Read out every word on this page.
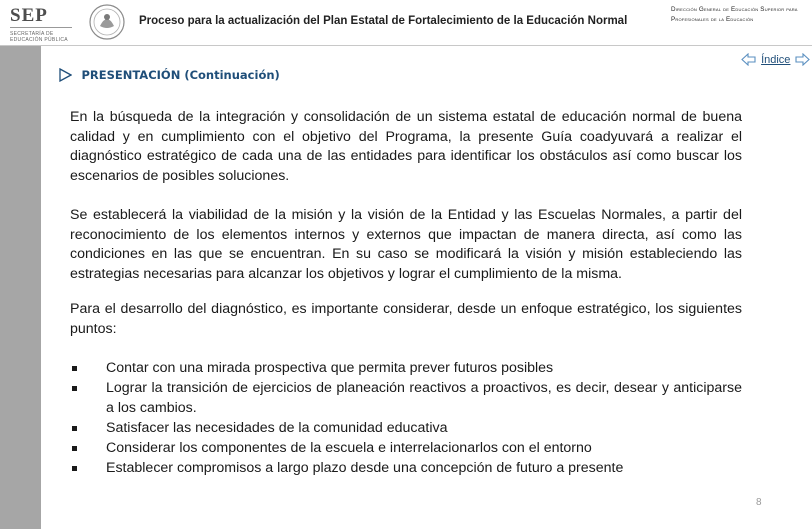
SEP
SECRETARÍA DE
EDUCACIÓN PÚBLICA
Proceso para la actualización del Plan Estatal de Fortalecimiento de la Educación Normal
Dirección General de Educación Superior para Profesionales de la Educación
PRESENTACIÓN (Continuación)
Índice

En la búsqueda de la integración y consolidación de un sistema estatal de educación normal de buena calidad y en cumplimiento con el objetivo del Programa, la presente Guía coadyuvará a realizar el diagnóstico estratégico de cada una de las entidades para identificar los obstáculos así como buscar los escenarios de posibles soluciones.

Se establecerá la viabilidad de la misión y la visión de la Entidad y las Escuelas Normales, a partir del reconocimiento de los elementos internos y externos que impactan de manera directa, así como las condiciones en las que se encuentran. En su caso se modificará la visión y misión estableciendo las estrategias necesarias para alcanzar los objetivos y lograr el cumplimiento de la misma.

Para el desarrollo del diagnóstico, es importante considerar, desde un enfoque estratégico, los siguientes puntos:

Contar con una mirada prospectiva que permita prever futuros posibles
Lograr la transición de ejercicios de planeación reactivos a proactivos, es decir, desear y anticiparse a los cambios.
Satisfacer las necesidades de la comunidad educativa
Considerar los componentes de la escuela e interrelacionarlos con el entorno
Establecer compromisos a largo plazo desde una concepción de futuro a presente
8
